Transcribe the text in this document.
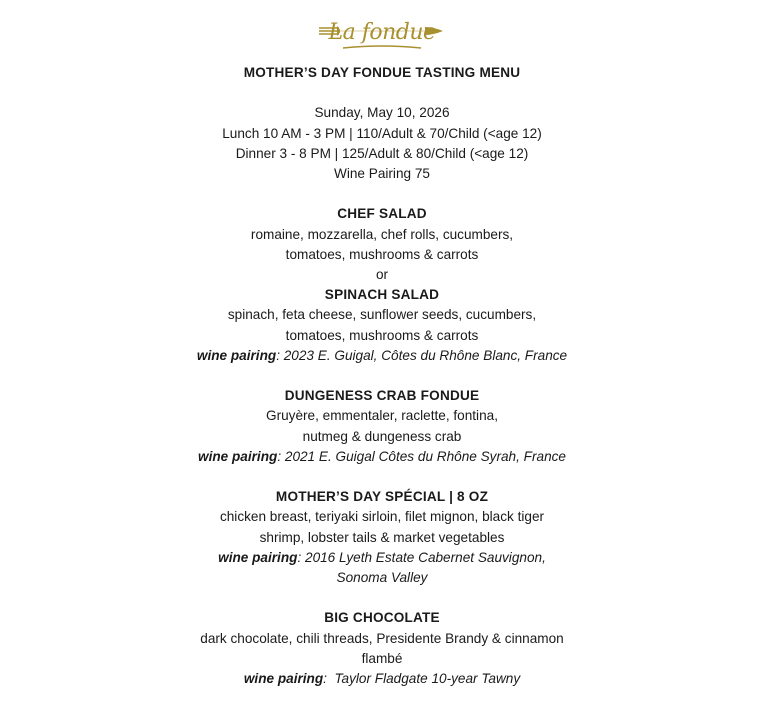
La fondue
MOTHER’S DAY FONDUE TASTING MENU
Sunday, May 10, 2026
Lunch 10 AM - 3 PM | 110/Adult & 70/Child (<age 12)
Dinner 3 - 8 PM | 125/Adult & 80/Child (<age 12)
Wine Pairing 75
CHEF SALAD
romaine, mozzarella, chef rolls, cucumbers,
tomatoes, mushrooms & carrots
or
SPINACH SALAD
spinach, feta cheese, sunflower seeds, cucumbers,
tomatoes, mushrooms & carrots
wine pairing: 2023 E. Guigal, Côtes du Rhône Blanc, France
DUNGENESS CRAB FONDUE
Gruyère, emmentaler, raclette, fontina,
nutmeg & dungeness crab
wine pairing: 2021 E. Guigal Côtes du Rhône Syrah, France
MOTHER’S DAY SPÉCIAL | 8 OZ
chicken breast, teriyaki sirloin, filet mignon, black tiger
shrimp, lobster tails & market vegetables
wine pairing: 2016 Lyeth Estate Cabernet Sauvignon,
Sonoma Valley
BIG CHOCOLATE
dark chocolate, chili threads, Presidente Brandy & cinnamon
flambé
wine pairing:  Taylor Fladgate 10-year Tawny
